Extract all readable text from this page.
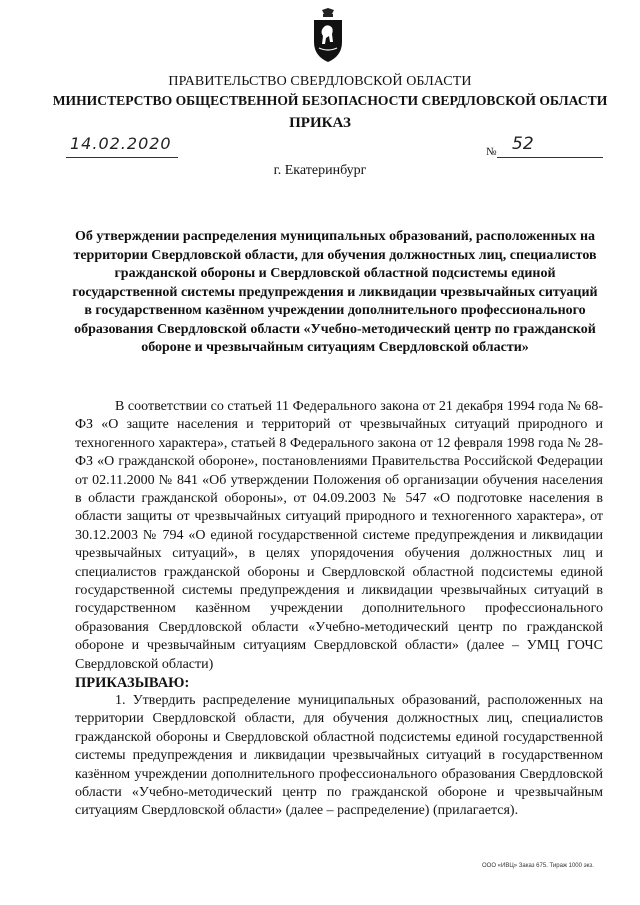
ПРАВИТЕЛЬСТВО СВЕРДЛОВСКОЙ ОБЛАСТИ
МИНИСТЕРСТВО ОБЩЕСТВЕННОЙ БЕЗОПАСНОСТИ СВЕРДЛОВСКОЙ ОБЛАСТИ
ПРИКАЗ
14.02.2020	№ 52
г. Екатеринбург

Об утверждении распределения муниципальных образований, расположенных на территории Свердловской области, для обучения должностных лиц, специалистов гражданской обороны и Свердловской областной подсистемы единой государственной системы предупреждения и ликвидации чрезвычайных ситуаций в государственном казённом учреждении дополнительного профессионального образования Свердловской области «Учебно-методический центр по гражданской обороне и чрезвычайным ситуациям Свердловской области»

В соответствии со статьей 11 Федерального закона от 21 декабря 1994 года № 68-ФЗ «О защите населения и территорий от чрезвычайных ситуаций природного и техногенного характера», статьей 8 Федерального закона от 12 февраля 1998 года № 28-ФЗ «О гражданской обороне», постановлениями Правительства Российской Федерации от 02.11.2000 № 841 «Об утверждении Положения об организации обучения населения в области гражданской обороны», от 04.09.2003 № 547 «О подготовке населения в области защиты от чрезвычайных ситуаций природного и техногенного характера», от 30.12.2003 № 794 «О единой государственной системе предупреждения и ликвидации чрезвычайных ситуаций», в целях упорядочения обучения должностных лиц и специалистов гражданской обороны и Свердловской областной подсистемы единой государственной системы предупреждения и ликвидации чрезвычайных ситуаций в государственном казённом учреждении дополнительного профессионального образования Свердловской области «Учебно-методический центр по гражданской обороне и чрезвычайным ситуациям Свердловской области» (далее – УМЦ ГОЧС Свердловской области)

ПРИКАЗЫВАЮ:

1. Утвердить распределение муниципальных образований, расположенных на территории Свердловской области, для обучения должностных лиц, специалистов гражданской обороны и Свердловской областной подсистемы единой государственной системы предупреждения и ликвидации чрезвычайных ситуаций в государственном казённом учреждении дополнительного профессионального образования Свердловской области «Учебно-методический центр по гражданской обороне и чрезвычайным ситуациям Свердловской области» (далее – распределение) (прилагается).

ООО «ИВЦ» Заказ 675. Тираж 1000 экз.
